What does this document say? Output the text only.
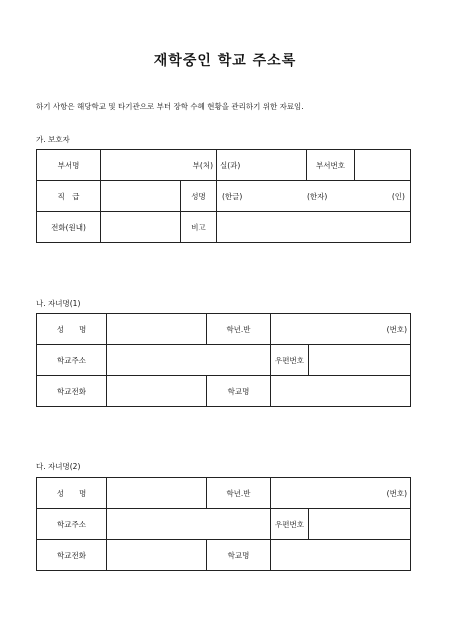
재학중인 학교 주소록
하기 사항은 해당학교 및 타기관으로 부터 장학 수혜 현황을 관리하기 위한 자료임.
가. 보호자
부서명	부(처)		실(과)	부서번호	
직　급		성명	(한글) (한자) (인)		

전화(원내)		비고			
나. 자녀명(1)
성　　명		학년.반	(번호)	
학교주소			우편번호	
학교전화		학교명		
다. 자녀명(2)
성　　명		학년.반	(번호)	
학교주소			우편번호	
학교전화		학교명		
